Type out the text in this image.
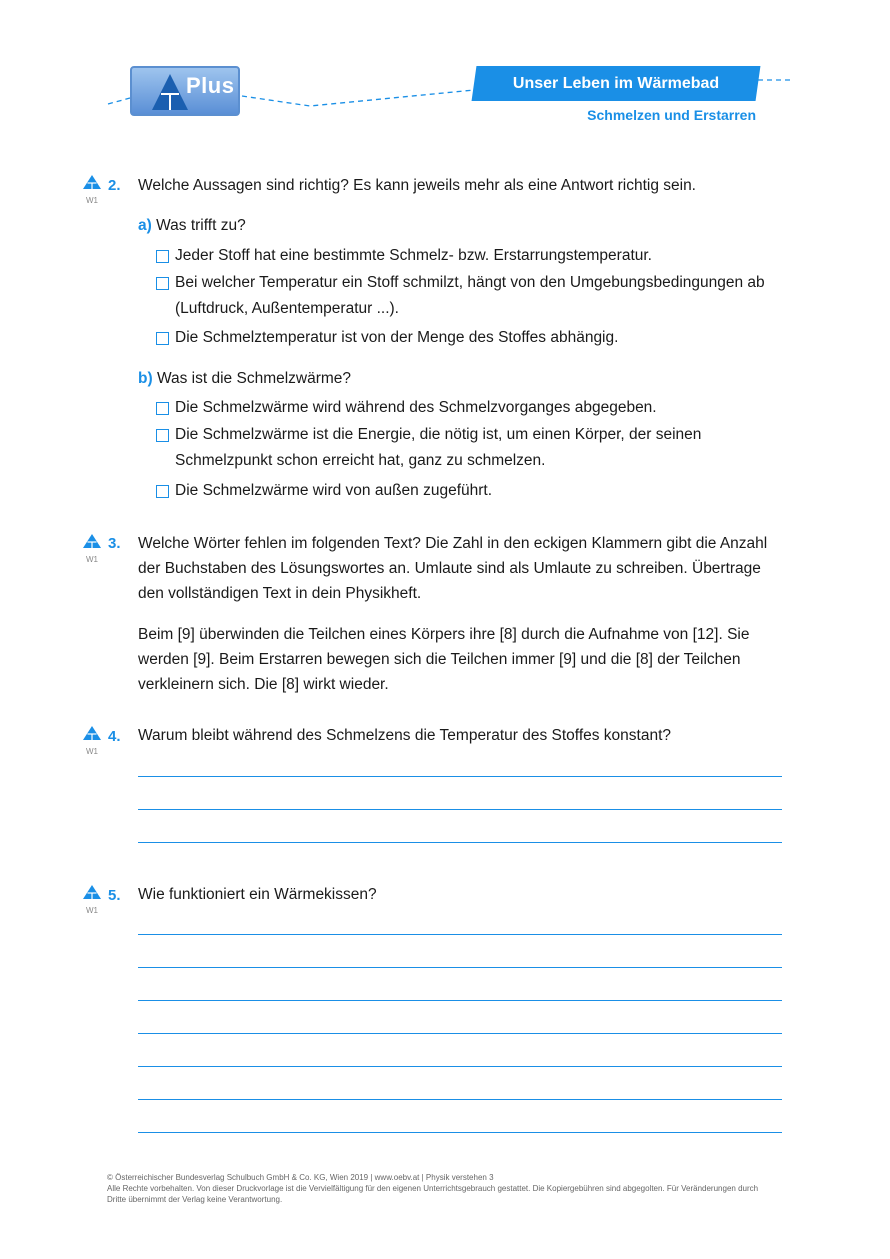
Plus	Unser Leben im Wärmebad
Schmelzen und Erstarren
W1
2. Welche Aussagen sind richtig? Es kann jeweils mehr als eine Antwort richtig sein.
a) Was trifft zu?
Jeder Stoff hat eine bestimmte Schmelz- bzw. Erstarrungstemperatur.
Bei welcher Temperatur ein Stoff schmilzt, hängt von den Umgebungsbedingungen ab (Luftdruck, Außentemperatur ...).
Die Schmelztemperatur ist von der Menge des Stoffes abhängig.
b) Was ist die Schmelzwärme?
Die Schmelzwärme wird während des Schmelzvorganges abgegeben.
Die Schmelzwärme ist die Energie, die nötig ist, um einen Körper, der seinen Schmelzpunkt schon erreicht hat, ganz zu schmelzen.
Die Schmelzwärme wird von außen zugeführt.
W1
3. Welche Wörter fehlen im folgenden Text? Die Zahl in den eckigen Klammern gibt die Anzahl der Buchstaben des Lösungswortes an. Umlaute sind als Umlaute zu schreiben. Übertrage den vollständigen Text in dein Physikheft.
Beim [9] überwinden die Teilchen eines Körpers ihre [8] durch die Aufnahme von [12]. Sie werden [9]. Beim Erstarren bewegen sich die Teilchen immer [9] und die [8] der Teilchen verkleinern sich. Die [8] wirkt wieder.
W1
4. Warum bleibt während des Schmelzens die Temperatur des Stoffes konstant?
W1
5. Wie funktioniert ein Wärmekissen?
© Österreichischer Bundesverlag Schulbuch GmbH & Co. KG, Wien 2019 | www.oebv.at | Physik verstehen 3
Alle Rechte vorbehalten. Von dieser Druckvorlage ist die Vervielfältigung für den eigenen Unterrichtsgebrauch gestattet. Die Kopiergebühren sind abgegolten. Für Veränderungen durch Dritte übernimmt der Verlag keine Verantwortung.
